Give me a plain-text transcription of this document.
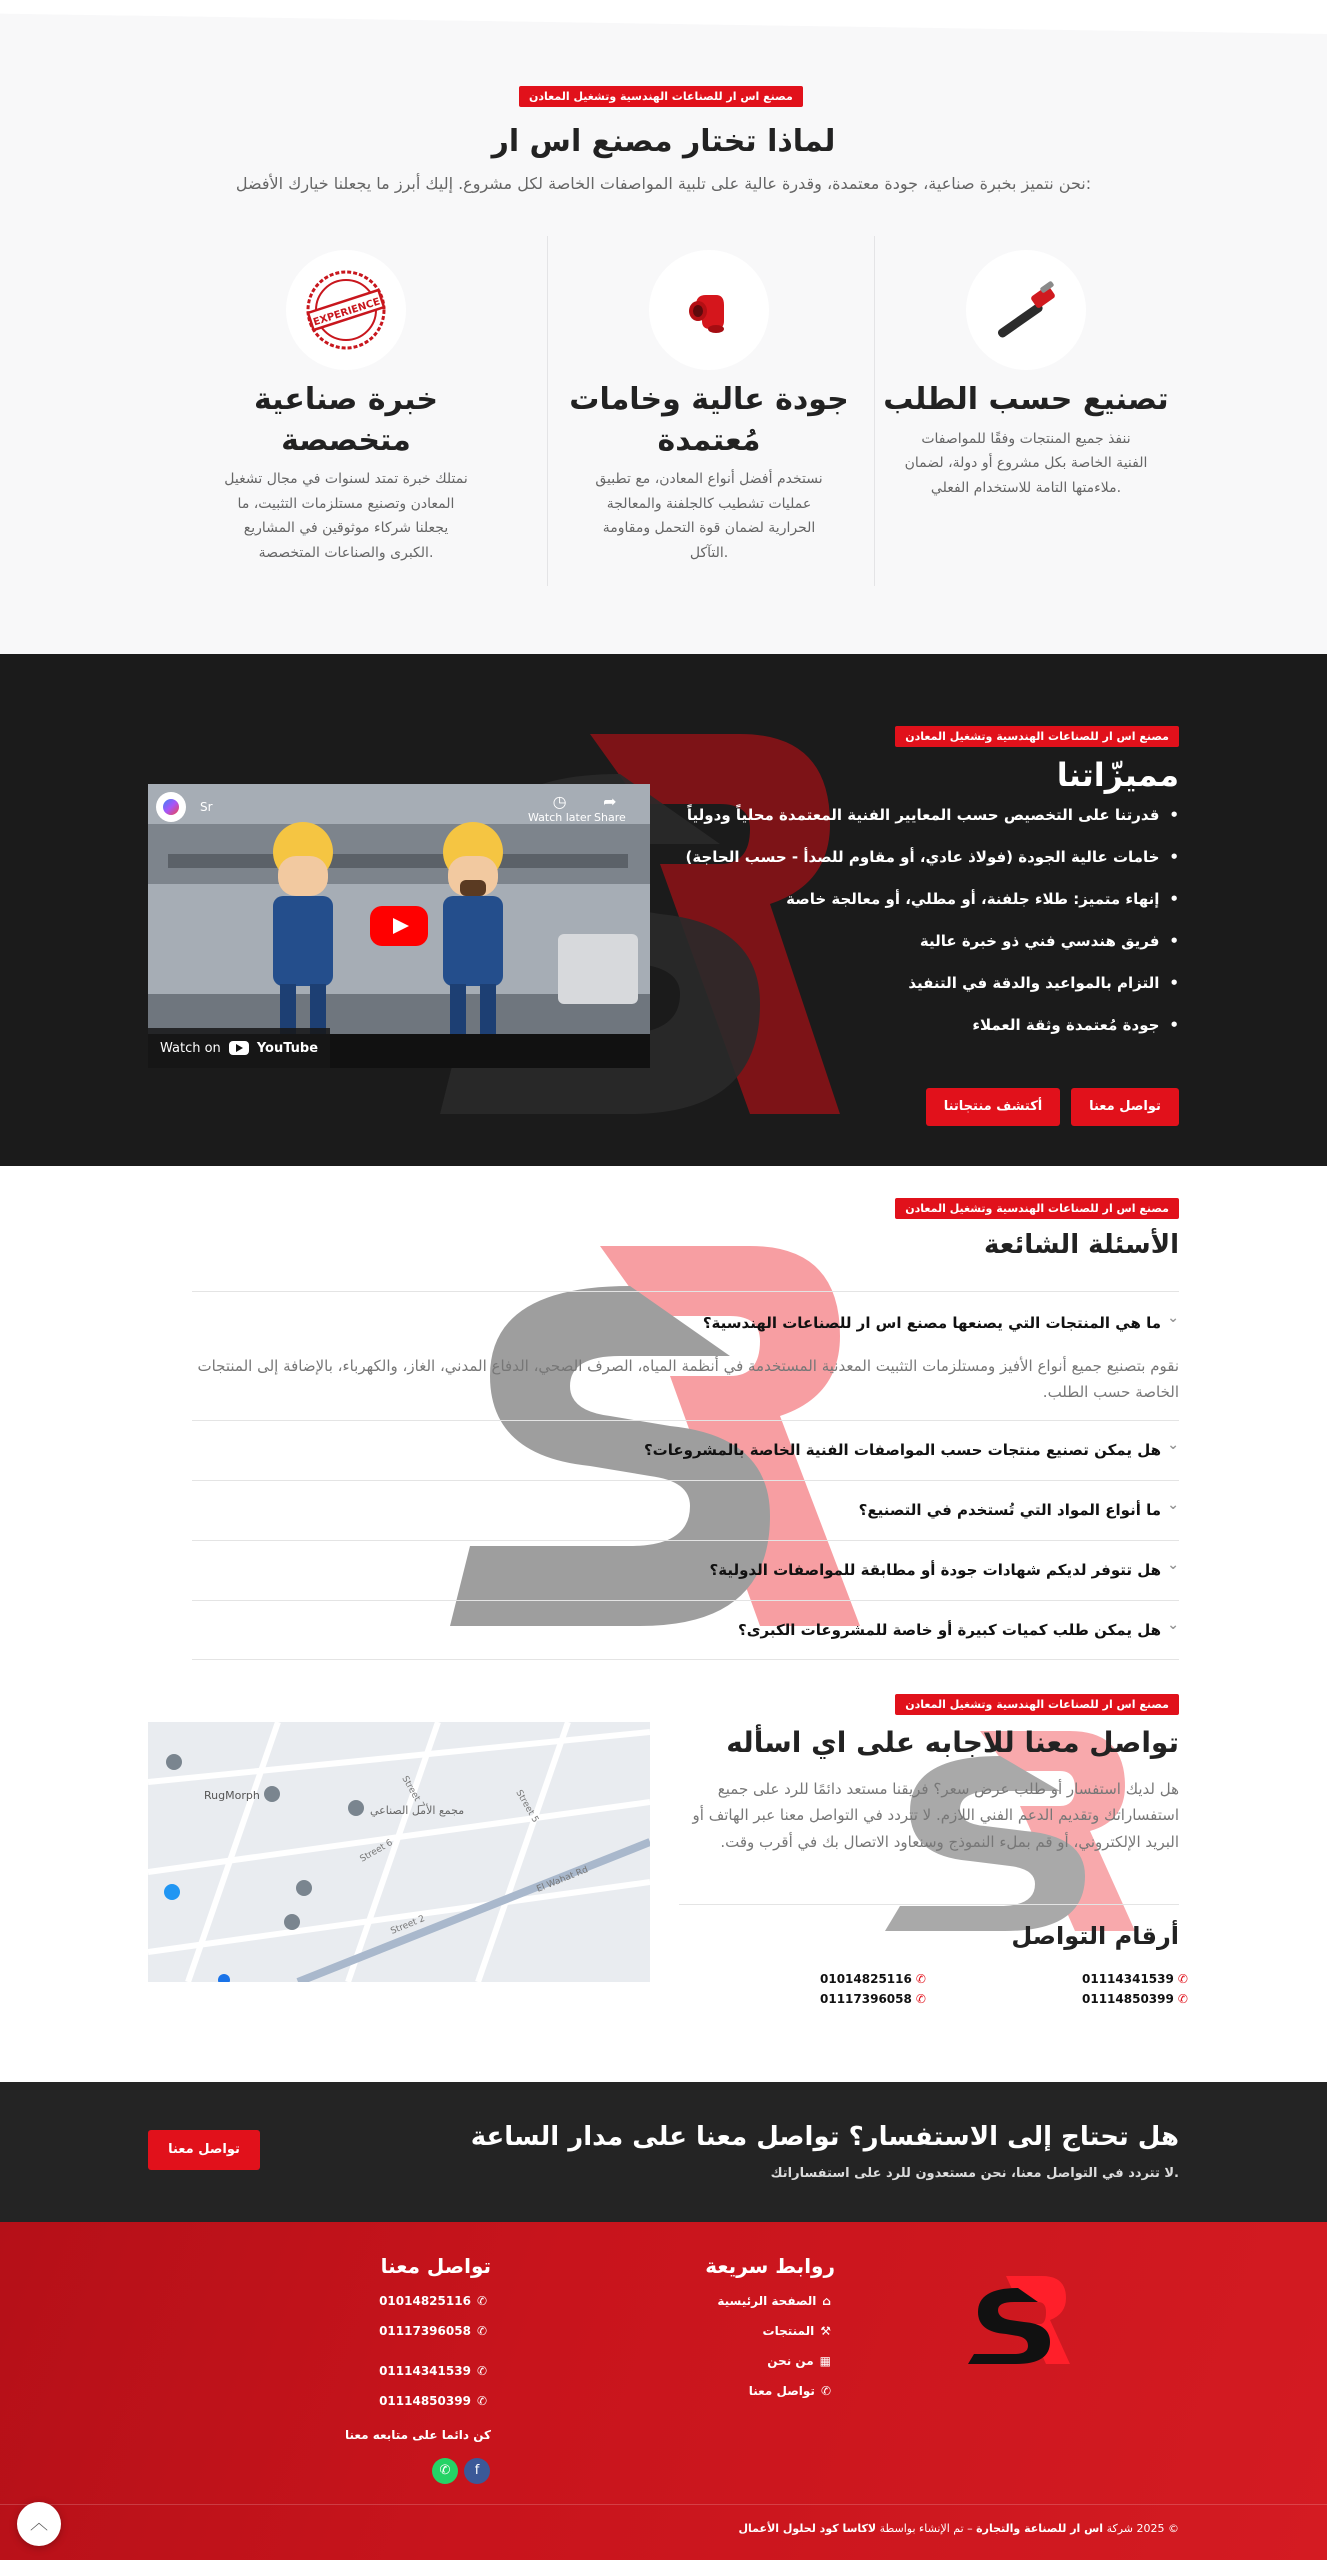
مصنع اس ار للصناعات الهندسية وتشغيل المعادن
لماذا تختار مصنع اس ار

نحن نتميز بخبرة صناعية، جودة معتمدة، وقدرة عالية على تلبية المواصفات الخاصة لكل مشروع. إليك أبرز ما يجعلنا خيارك الأفضل:

تصنيع حسب الطلب

ننفذ جميع المنتجات وفقًا للمواصفات الفنية الخاصة بكل مشروع أو دولة، لضمان ملاءمتها التامة للاستخدام الفعلي.

جودة عالية وخامات مُعتمدة

نستخدم أفضل أنواع المعادن، مع تطبيق عمليات تشطيب كالجلفنة والمعالجة الحرارية لضمان قوة التحمل ومقاومة التآكل.

EXPERIENCE
خبرة صناعية متخصصة

نمتلك خبرة تمتد لسنوات في مجال تشغيل المعادن وتصنيع مستلزمات التثبيت، ما يجعلنا شركاء موثوقين في المشاريع الكبرى والصناعات المتخصصة.

مصنع اس ار للصناعات الهندسية وتشغيل المعادن
مميزّاتنا
• قدرتنا على التخصيص حسب المعايير الفنية المعتمدة محلياً ودولياً
• خامات عالية الجودة (فولاذ عادي، أو مقاوم للصدأ - حسب الحاجة)
• إنهاء متميز: طلاء جلفنة، أو مطلي، أو معالجة خاصة
• فريق هندسي فني ذو خبرة عالية
• التزام بالمواعيد والدقة في التنفيذ
• جودة مُعتمدة وثقة العملاء
تواصل معنا
أكتشف منتجاتنا
Sr	◷
Watch later
➦
Share
Watch on	YouTube
مصنع اس ار للصناعات الهندسية وتشغيل المعادن
الأسئلة الشائعة
⌄ ما هي المنتجات التي يصنعها مصنع اس ار للصناعات الهندسية؟

نقوم بتصنيع جميع أنواع الأفيز ومستلزمات التثبيت المعدنية المستخدمة في أنظمة المياه، الصرف الصحي، الدفاع المدني، الغاز، والكهرباء، بالإضافة إلى المنتجات الخاصة حسب الطلب.

⌄ هل يمكن تصنيع منتجات حسب المواصفات الفنية الخاصة بالمشروعات؟
⌄ ما أنواع المواد التي تُستخدم في التصنيع؟
⌄ هل تتوفر لديكم شهادات جودة أو مطابقة للمواصفات الدولية؟
⌄ هل يمكن طلب كميات كبيرة أو خاصة للمشروعات الكبرى؟
مصنع اس ار للصناعات الهندسية وتشغيل المعادن
تواصل معنا للاجابه على اي اسأله

هل لديك استفسار أو طلب عرض سعر؟ فريقنا مستعد دائمًا للرد على جميع استفساراتك وتقديم الدعم الفني اللازم. لا تتردد في التواصل معنا عبر الهاتف أو البريد الإلكتروني، أو قم بملء النموذج وسنعاود الاتصال بك في أقرب وقت.

أرقام التواصل
01114341539 ✆
01114850399 ✆
01014825116 ✆
01117396058 ✆
RugMorph
مجمع الأمل الصناعي
Street 7
Street 6
Street 2
Street 5
El Wahat Rd
هل تحتاج إلى الاستفسار؟ تواصل معنا على مدار الساعة

لا تتردد في التواصل معنا، نحن مستعدون للرد على استفساراتك.

تواصل معنا
روابط سريعة
⌂الصفحة الرئيسية
⚒المنتجات
▦من نحن
✆تواصل معنا
تواصل معنا
✆01014825116
✆01117396058
✆01114341539
✆01114850399
كن دائما على متابعه معنا
✆	f
© 2025 شركة اس ار للصناعة والتجارة – تم الإنشاء بواسطة لاكاسا كود لحلول الأعمال
︿
